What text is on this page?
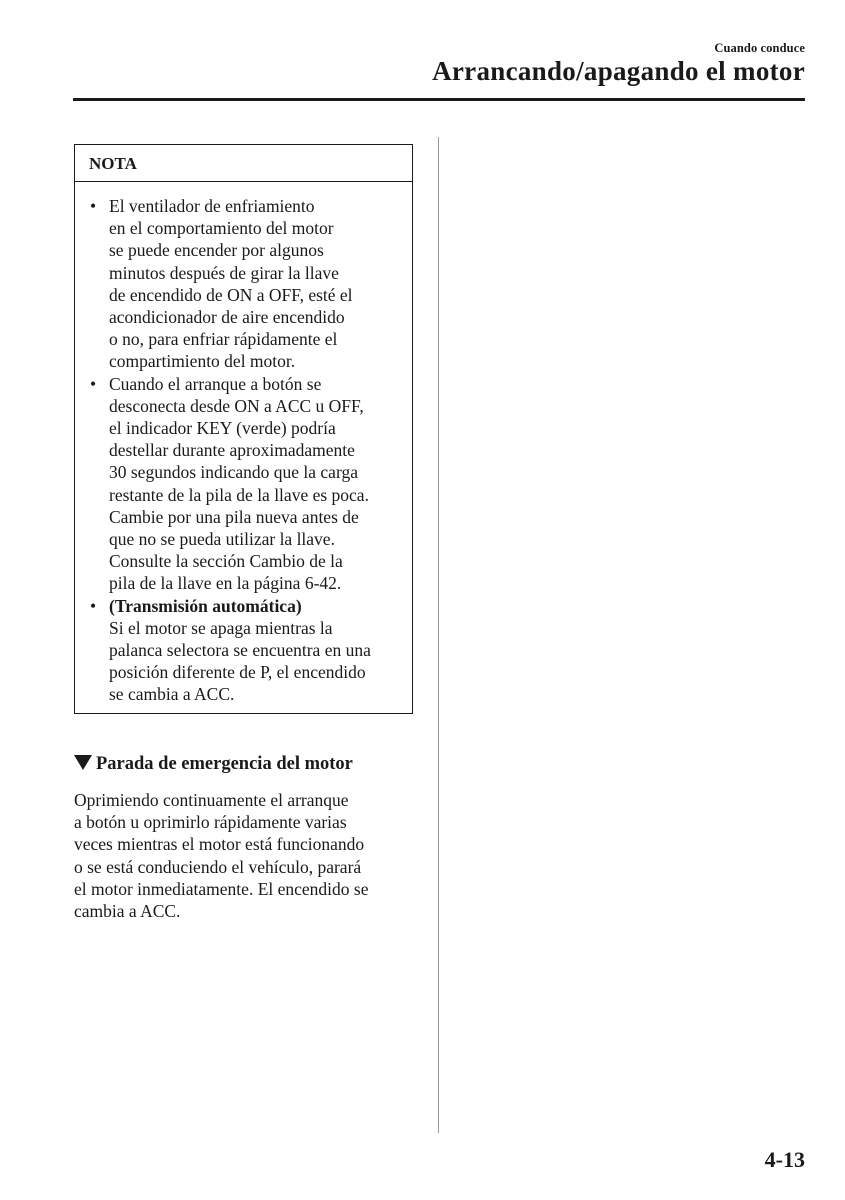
Cuando conduce
Arrancando/apagando el motor
NOTA
• El ventilador de enfriamiento
en el comportamiento del motor
se puede encender por algunos
minutos después de girar la llave
de encendido de ON a OFF, esté el
acondicionador de aire encendido
o no, para enfriar rápidamente el
compartimiento del motor.
• Cuando el arranque a botón se
desconecta desde ON a ACC u OFF,
el indicador KEY (verde) podría
destellar durante aproximadamente
30 segundos indicando que la carga
restante de la pila de la llave es poca.
Cambie por una pila nueva antes de
que no se pueda utilizar la llave.
Consulte la sección Cambio de la
pila de la llave en la página 6-42.
• (Transmisión automática)
Si el motor se apaga mientras la
palanca selectora se encuentra en una
posición diferente de P, el encendido
se cambia a ACC.
Parada de emergencia del motor
Oprimiendo continuamente el arranque
a botón u oprimirlo rápidamente varias
veces mientras el motor está funcionando
o se está conduciendo el vehículo, parará
el motor inmediatamente. El encendido se
cambia a ACC.
4-13
